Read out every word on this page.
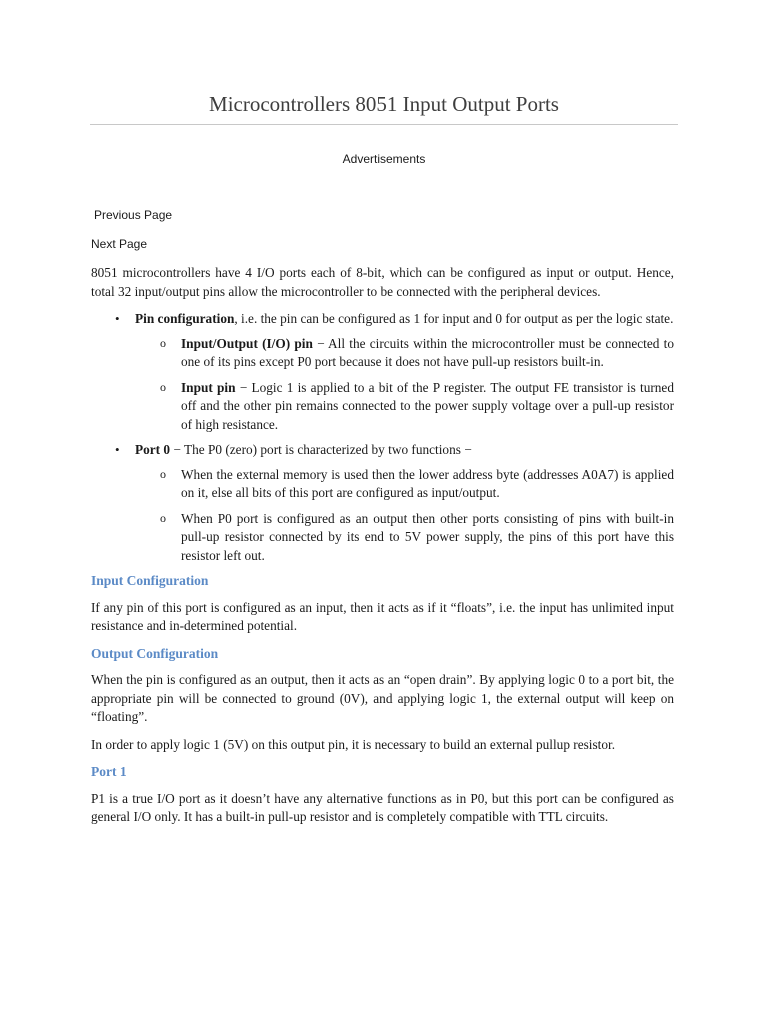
Microcontrollers 8051 Input Output Ports
Advertisements
Previous Page
Next Page

8051 microcontrollers have 4 I/O ports each of 8-bit, which can be configured as input or output. Hence, total 32 input/output pins allow the microcontroller to be connected with the peripheral devices.

• Pin configuration, i.e. the pin can be configured as 1 for input and 0 for output as per the logic state.
o Input/Output (I/O) pin − All the circuits within the microcontroller must be connected to one of its pins except P0 port because it does not have pull-up resistors built-in.
o Input pin − Logic 1 is applied to a bit of the P register. The output FE transistor is turned off and the other pin remains connected to the power supply voltage over a pull-up resistor of high resistance.
• Port 0 − The P0 (zero) port is characterized by two functions −
o When the external memory is used then the lower address byte (addresses A0A7) is applied on it, else all bits of this port are configured as input/output.
o When P0 port is configured as an output then other ports consisting of pins with built-in pull-up resistor connected by its end to 5V power supply, the pins of this port have this resistor left out.
Input Configuration

If any pin of this port is configured as an input, then it acts as if it “floats”, i.e. the input has unlimited input resistance and in-determined potential.

Output Configuration

When the pin is configured as an output, then it acts as an “open drain”. By applying logic 0 to a port bit, the appropriate pin will be connected to ground (0V), and applying logic 1, the external output will keep on “floating”.

In order to apply logic 1 (5V) on this output pin, it is necessary to build an external pullup resistor.

Port 1

P1 is a true I/O port as it doesn’t have any alternative functions as in P0, but this port can be configured as general I/O only. It has a built-in pull-up resistor and is completely compatible with TTL circuits.
